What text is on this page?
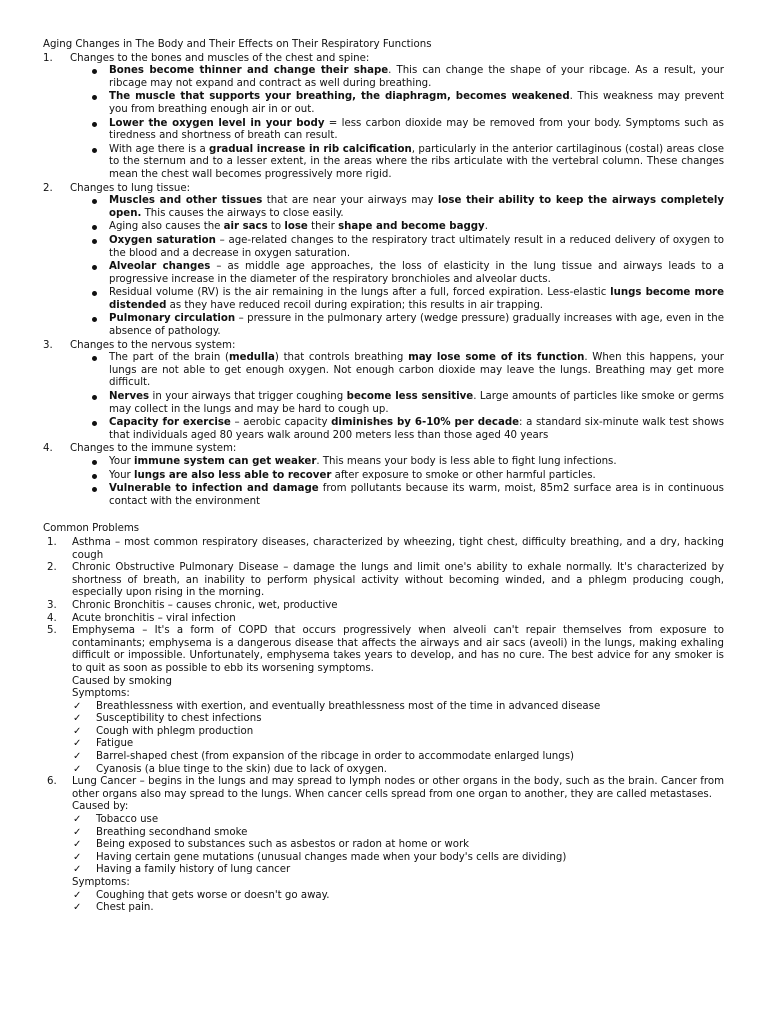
Aging Changes in The Body and Their Effects on Their Respiratory Functions
1.	Changes to the bones and muscles of the chest and spine:
Bones become thinner and change their shape. This can change the shape of your ribcage. As a result, your ribcage may not expand and contract as well during breathing.
The muscle that supports your breathing, the diaphragm, becomes weakened. This weakness may prevent you from breathing enough air in or out.
Lower the oxygen level in your body = less carbon dioxide may be removed from your body. Symptoms such as tiredness and shortness of breath can result.
With age there is a gradual increase in rib calcification, particularly in the anterior cartilaginous (costal) areas close to the sternum and to a lesser extent, in the areas where the ribs articulate with the vertebral column. These changes mean the chest wall becomes progressively more rigid.
2.	Changes to lung tissue:
Muscles and other tissues that are near your airways may lose their ability to keep the airways completely open. This causes the airways to close easily.
Aging also causes the air sacs to lose their shape and become baggy.
Oxygen saturation – age-related changes to the respiratory tract ultimately result in a reduced delivery of oxygen to the blood and a decrease in oxygen saturation.
Alveolar changes – as middle age approaches, the loss of elasticity in the lung tissue and airways leads to a progressive increase in the diameter of the respiratory bronchioles and alveolar ducts.
Residual volume (RV) is the air remaining in the lungs after a full, forced expiration. Less-elastic lungs become more distended as they have reduced recoil during expiration; this results in air trapping.
Pulmonary circulation – pressure in the pulmonary artery (wedge pressure) gradually increases with age, even in the absence of pathology.
3.	Changes to the nervous system:
The part of the brain (medulla) that controls breathing may lose some of its function. When this happens, your lungs are not able to get enough oxygen. Not enough carbon dioxide may leave the lungs. Breathing may get more difficult.
Nerves in your airways that trigger coughing become less sensitive. Large amounts of particles like smoke or germs may collect in the lungs and may be hard to cough up.
Capacity for exercise – aerobic capacity diminishes by 6-10% per decade: a standard six-minute walk test shows that individuals aged 80 years walk around 200 meters less than those aged 40 years
4.	Changes to the immune system:
Your immune system can get weaker. This means your body is less able to fight lung infections.
Your lungs are also less able to recover after exposure to smoke or other harmful particles.
Vulnerable to infection and damage from pollutants because its warm, moist, 85m2 surface area is in continuous contact with the environment
Common Problems
1. Asthma – most common respiratory diseases, characterized by wheezing, tight chest, difficulty breathing, and a dry, hacking cough
2. Chronic Obstructive Pulmonary Disease – damage the lungs and limit one's ability to exhale normally. It's characterized by shortness of breath, an inability to perform physical activity without becoming winded, and a phlegm producing cough, especially upon rising in the morning.
3. Chronic Bronchitis – causes chronic, wet, productive
4. Acute bronchitis – viral infection
5. Emphysema – It's a form of COPD that occurs progressively when alveoli can't repair themselves from exposure to contaminants; emphysema is a dangerous disease that affects the airways and air sacs (aveoli) in the lungs, making exhaling difficult or impossible. Unfortunately, emphysema takes years to develop, and has no cure. The best advice for any smoker is to quit as soon as possible to ebb its worsening symptoms.
Caused by smoking
Symptoms:
✓ Breathlessness with exertion, and eventually breathlessness most of the time in advanced disease
✓ Susceptibility to chest infections
✓ Cough with phlegm production
✓ Fatigue
✓ Barrel-shaped chest (from expansion of the ribcage in order to accommodate enlarged lungs)
✓ Cyanosis (a blue tinge to the skin) due to lack of oxygen.
6. Lung Cancer – begins in the lungs and may spread to lymph nodes or other organs in the body, such as the brain. Cancer from other organs also may spread to the lungs. When cancer cells spread from one organ to another, they are called metastases.
Caused by:
✓ Tobacco use
✓ Breathing secondhand smoke
✓ Being exposed to substances such as asbestos or radon at home or work
✓ Having certain gene mutations (unusual changes made when your body's cells are dividing)
✓ Having a family history of lung cancer
Symptoms:
✓ Coughing that gets worse or doesn't go away.
✓ Chest pain.
